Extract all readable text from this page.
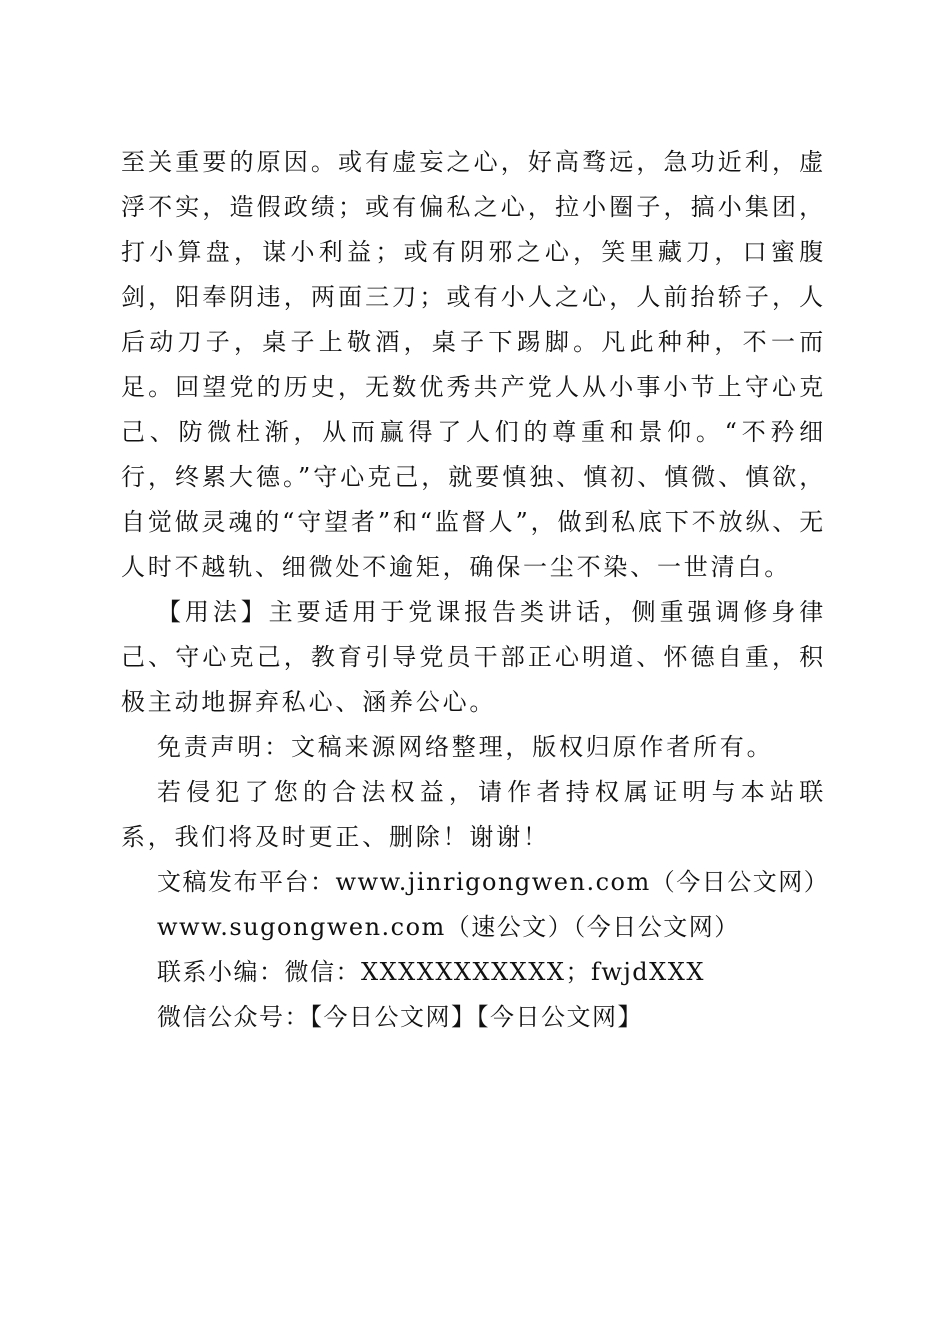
至关重要的原因。或有虚妄之心，好高骛远，急功近利，虚浮不实，造假政绩；或有偏私之心，拉小圈子，搞小集团，打小算盘，谋小利益；或有阴邪之心，笑里藏刀，口蜜腹剑，阳奉阴违，两面三刀；或有小人之心，人前抬轿子，人后动刀子，桌子上敬酒，桌子下踢脚。凡此种种，不一而足。回望党的历史，无数优秀共产党人从小事小节上守心克己、防微杜渐，从而赢得了人们的尊重和景仰。“不矜细行，终累大德。”守心克己，就要慎独、慎初、慎微、慎欲，自觉做灵魂的“守望者”和“监督人”，做到私底下不放纵、无人时不越轨、细微处不逾矩，确保一尘不染、一世清白。

【用法】主要适用于党课报告类讲话，侧重强调修身律己、守心克己，教育引导党员干部正心明道、怀德自重，积极主动地摒弃私心、涵养公心。

免责声明：文稿来源网络整理，版权归原作者所有。

若侵犯了您的合法权益，请作者持权属证明与本站联系，我们将及时更正、删除！谢谢！

文稿发布平台：www.jinrigongwen.com（今日公文网）

www.sugongwen.com（速公文）（今日公文网）

联系小编：微信：XXXXXXXXXXX；fwjdXXX

微信公众号：【今日公文网】【今日公文网】
